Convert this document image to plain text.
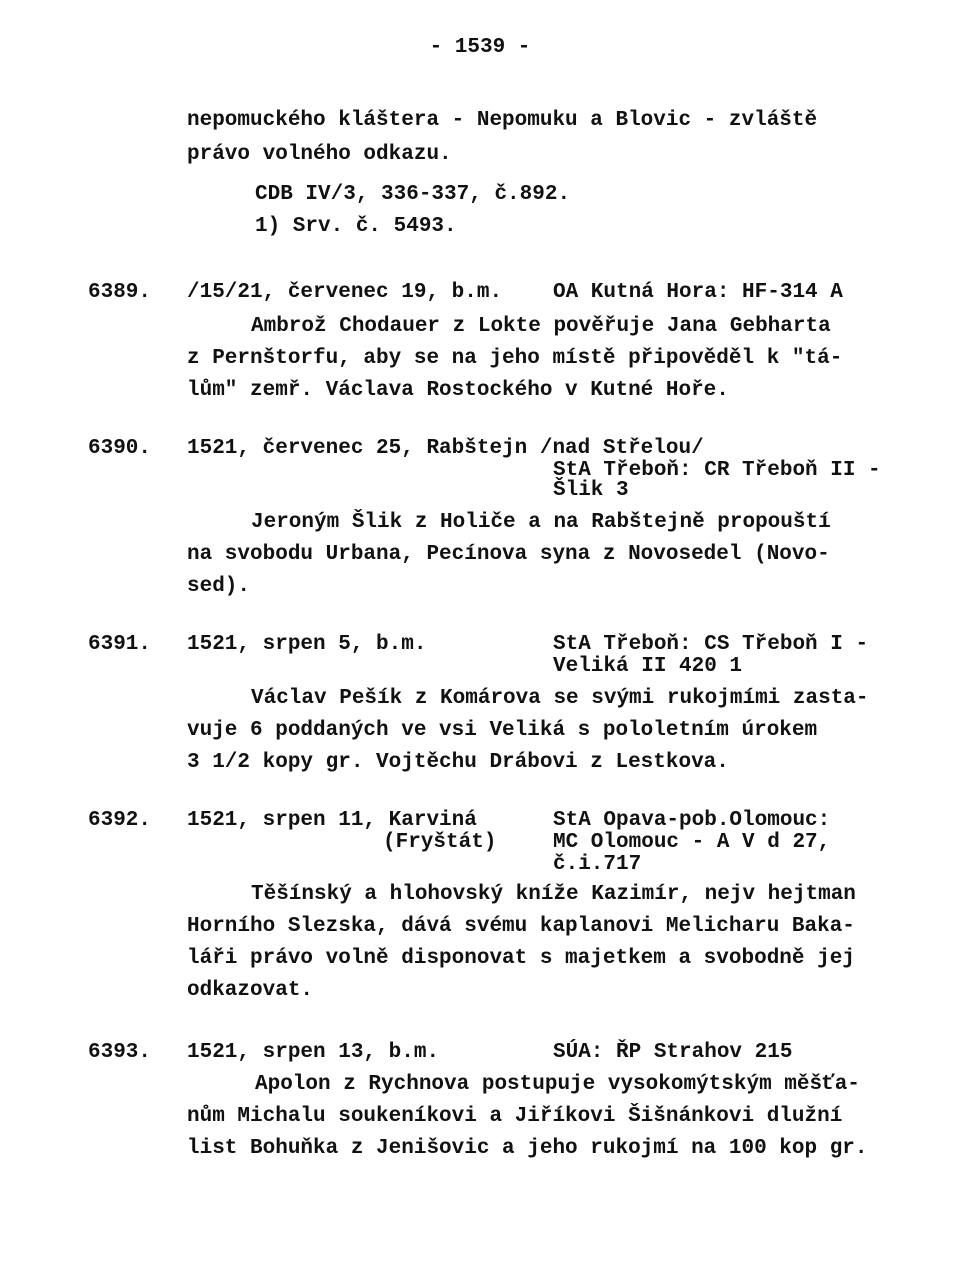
- 1539 -
nepomuckého kláštera - Nepomuku a Blovic - zvláště
právo volného odkazu.
CDB IV/3, 336-337, č.892.
1) Srv. č. 5493.
6389. /15/21, červenec 19, b.m. OA Kutná Hora: HF-314 A
Ambrož Chodauer z Lokte pověřuje Jana Gebharta
z Pernštorfu, aby se na jeho místě připověděl k "tá-
lům" zemř. Václava Rostockého v Kutné Hoře.
6390. 1521, červenec 25, Rabštejn /nad Střelou/
StA Třeboň: CR Třeboň II -
Šlik 3
Jeroným Šlik z Holiče a na Rabštejně propouští
na svobodu Urbana, Pecínova syna z Novosedel (Novo-
sed).
6391. 1521, srpen 5, b.m.	StA Třeboň: CS Třeboň I -
Veliká II 420 1
Václav Pešík z Komárova se svými rukojmími zasta-
vuje 6 poddaných ve vsi Veliká s pololetním úrokem
3 1/2 kopy gr. Vojtěchu Drábovi z Lestkova.
6392. 1521, srpen 11, Karviná
(Fryštát)
StA Opava-pob.Olomouc:
MC Olomouc - A V d 27,
č.i.717
Těšínský a hlohovský kníže Kazimír, nejv hejtman
Horního Slezska, dává svému kaplanovi Melicharu Baka-
láři právo volně disponovat s majetkem a svobodně jej
odkazovat.
6393. 1521, srpen 13, b.m.	SÚA: ŘP Strahov 215
Apolon z Rychnova postupuje vysokomýtským měšťa-
nům Michalu soukeníkovi a Jiříkovi Šišnánkovi dlužní
list Bohuňka z Jenišovic a jeho rukojmí na 100 kop gr.
